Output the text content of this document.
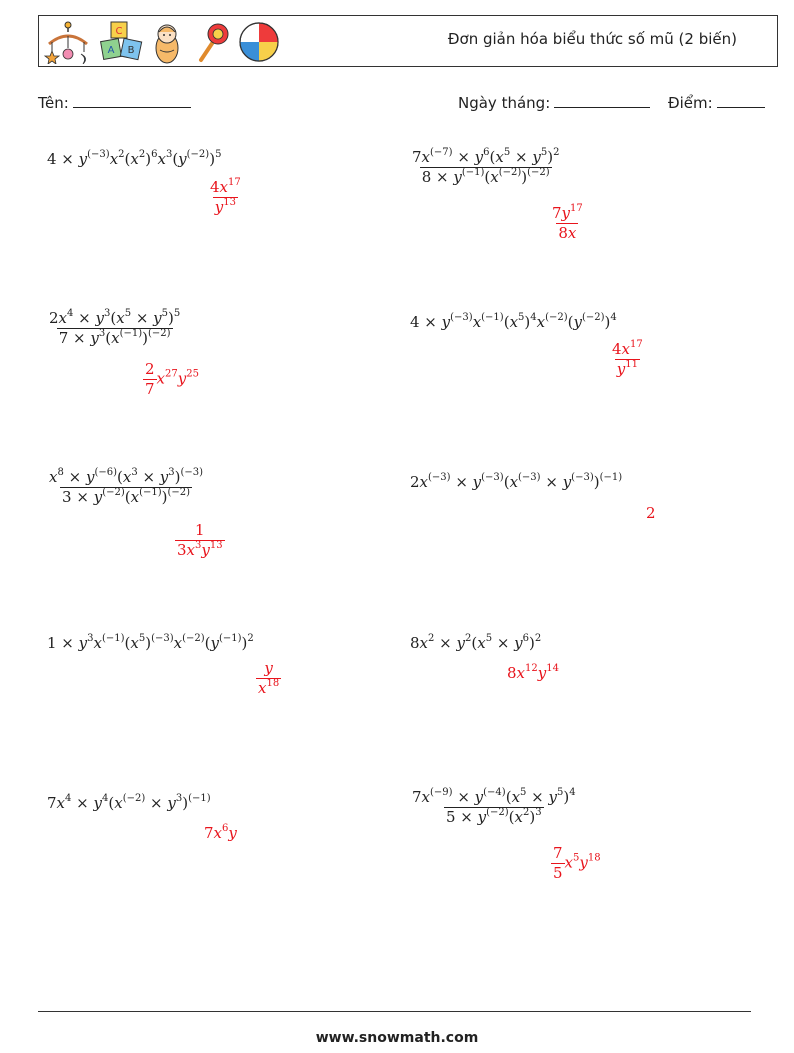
C
A B
Đơn giản hóa biểu thức số mũ (2 biến)
Tên:	Ngày tháng:	Điểm:
$4 \times y^{(-3)}x^2(x^2)^6x^3(y^{(-2)})^5$
$\frac{4x^{17}}{y^{13}}$
$\frac{7x^{(-7)} \times y^6(x^5 \times y^5)^2}{8 \times y^{(-1)}(x^{(-2)})^{(-2)}}$
$\frac{7y^{17}}{8x}$
$\frac{2x^4 \times y^3(x^5 \times y^5)^5}{7 \times y^3(x^{(-1)})^{(-2)}}$
$\frac{2}{7} x^{27}y^{25}$
$4 \times y^{(-3)}x^{(-1)}(x^5)^4x^{(-2)}(y^{(-2)})^4$
$\frac{4x^{17}}{y^{11}}$
$\frac{x^8 \times y^{(-6)}(x^3 \times y^3)^{(-3)}}{3 \times y^{(-2)}(x^{(-1)})^{(-2)}}$
$\frac{1}{3x^3y^{13}}$
$2x^{(-3)} \times y^{(-3)}(x^{(-3)} \times y^{(-3)})^{(-1)}$
2
$1 \times y^3x^{(-1)}(x^5)^{(-3)}x^{(-2)}(y^{(-1)})^2$
$\frac{y}{x^{18}}$
$8x^2 \times y^2(x^5 \times y^6)^2$
$8x^{12}y^{14}$
$7x^4 \times y^4(x^{(-2)} \times y^3)^{(-1)}$
$7x^6y$
$\frac{7x^{(-9)} \times y^{(-4)}(x^5 \times y^5)^4}{5 \times y^{(-2)}(x^2)^3}$
$\frac{7}{5} x^5y^{18}$
www.snowmath.com
